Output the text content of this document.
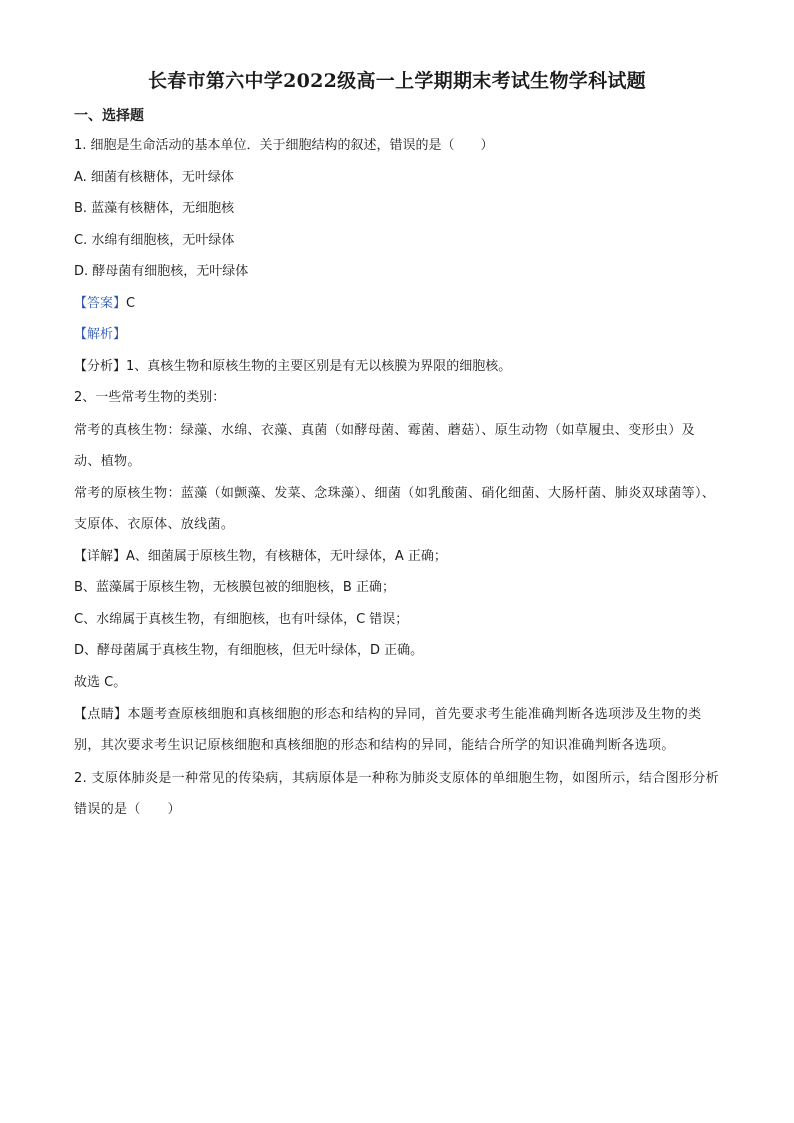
长春市第六中学2022级高一上学期期末考试生物学科试题
一、选择题
1. 细胞是生命活动的基本单位．关于细胞结构的叙述，错误的是（　　）
A. 细菌有核糖体，无叶绿体
B. 蓝藻有核糖体，无细胞核
C. 水绵有细胞核，无叶绿体
D. 酵母菌有细胞核，无叶绿体
【答案】C
【解析】
【分析】1、真核生物和原核生物的主要区别是有无以核膜为界限的细胞核。
2、一些常考生物的类别：
常考的真核生物：绿藻、水绵、衣藻、真菌（如酵母菌、霉菌、蘑菇）、原生动物（如草履虫、变形虫）及动、植物。
常考的原核生物：蓝藻（如颤藻、发菜、念珠藻）、细菌（如乳酸菌、硝化细菌、大肠杆菌、肺炎双球菌等）、支原体、衣原体、放线菌。
【详解】A、细菌属于原核生物，有核糖体，无叶绿体，A 正确；
B、蓝藻属于原核生物，无核膜包被的细胞核，B 正确；
C、水绵属于真核生物，有细胞核，也有叶绿体，C 错误；
D、酵母菌属于真核生物，有细胞核，但无叶绿体，D 正确。
故选 C。
【点睛】本题考查原核细胞和真核细胞的形态和结构的异同，首先要求考生能准确判断各选项涉及生物的类别，其次要求考生识记原核细胞和真核细胞的形态和结构的异同，能结合所学的知识准确判断各选项。
2. 支原体肺炎是一种常见的传染病，其病原体是一种称为肺炎支原体的单细胞生物，如图所示，结合图形分析错误的是（　　）
